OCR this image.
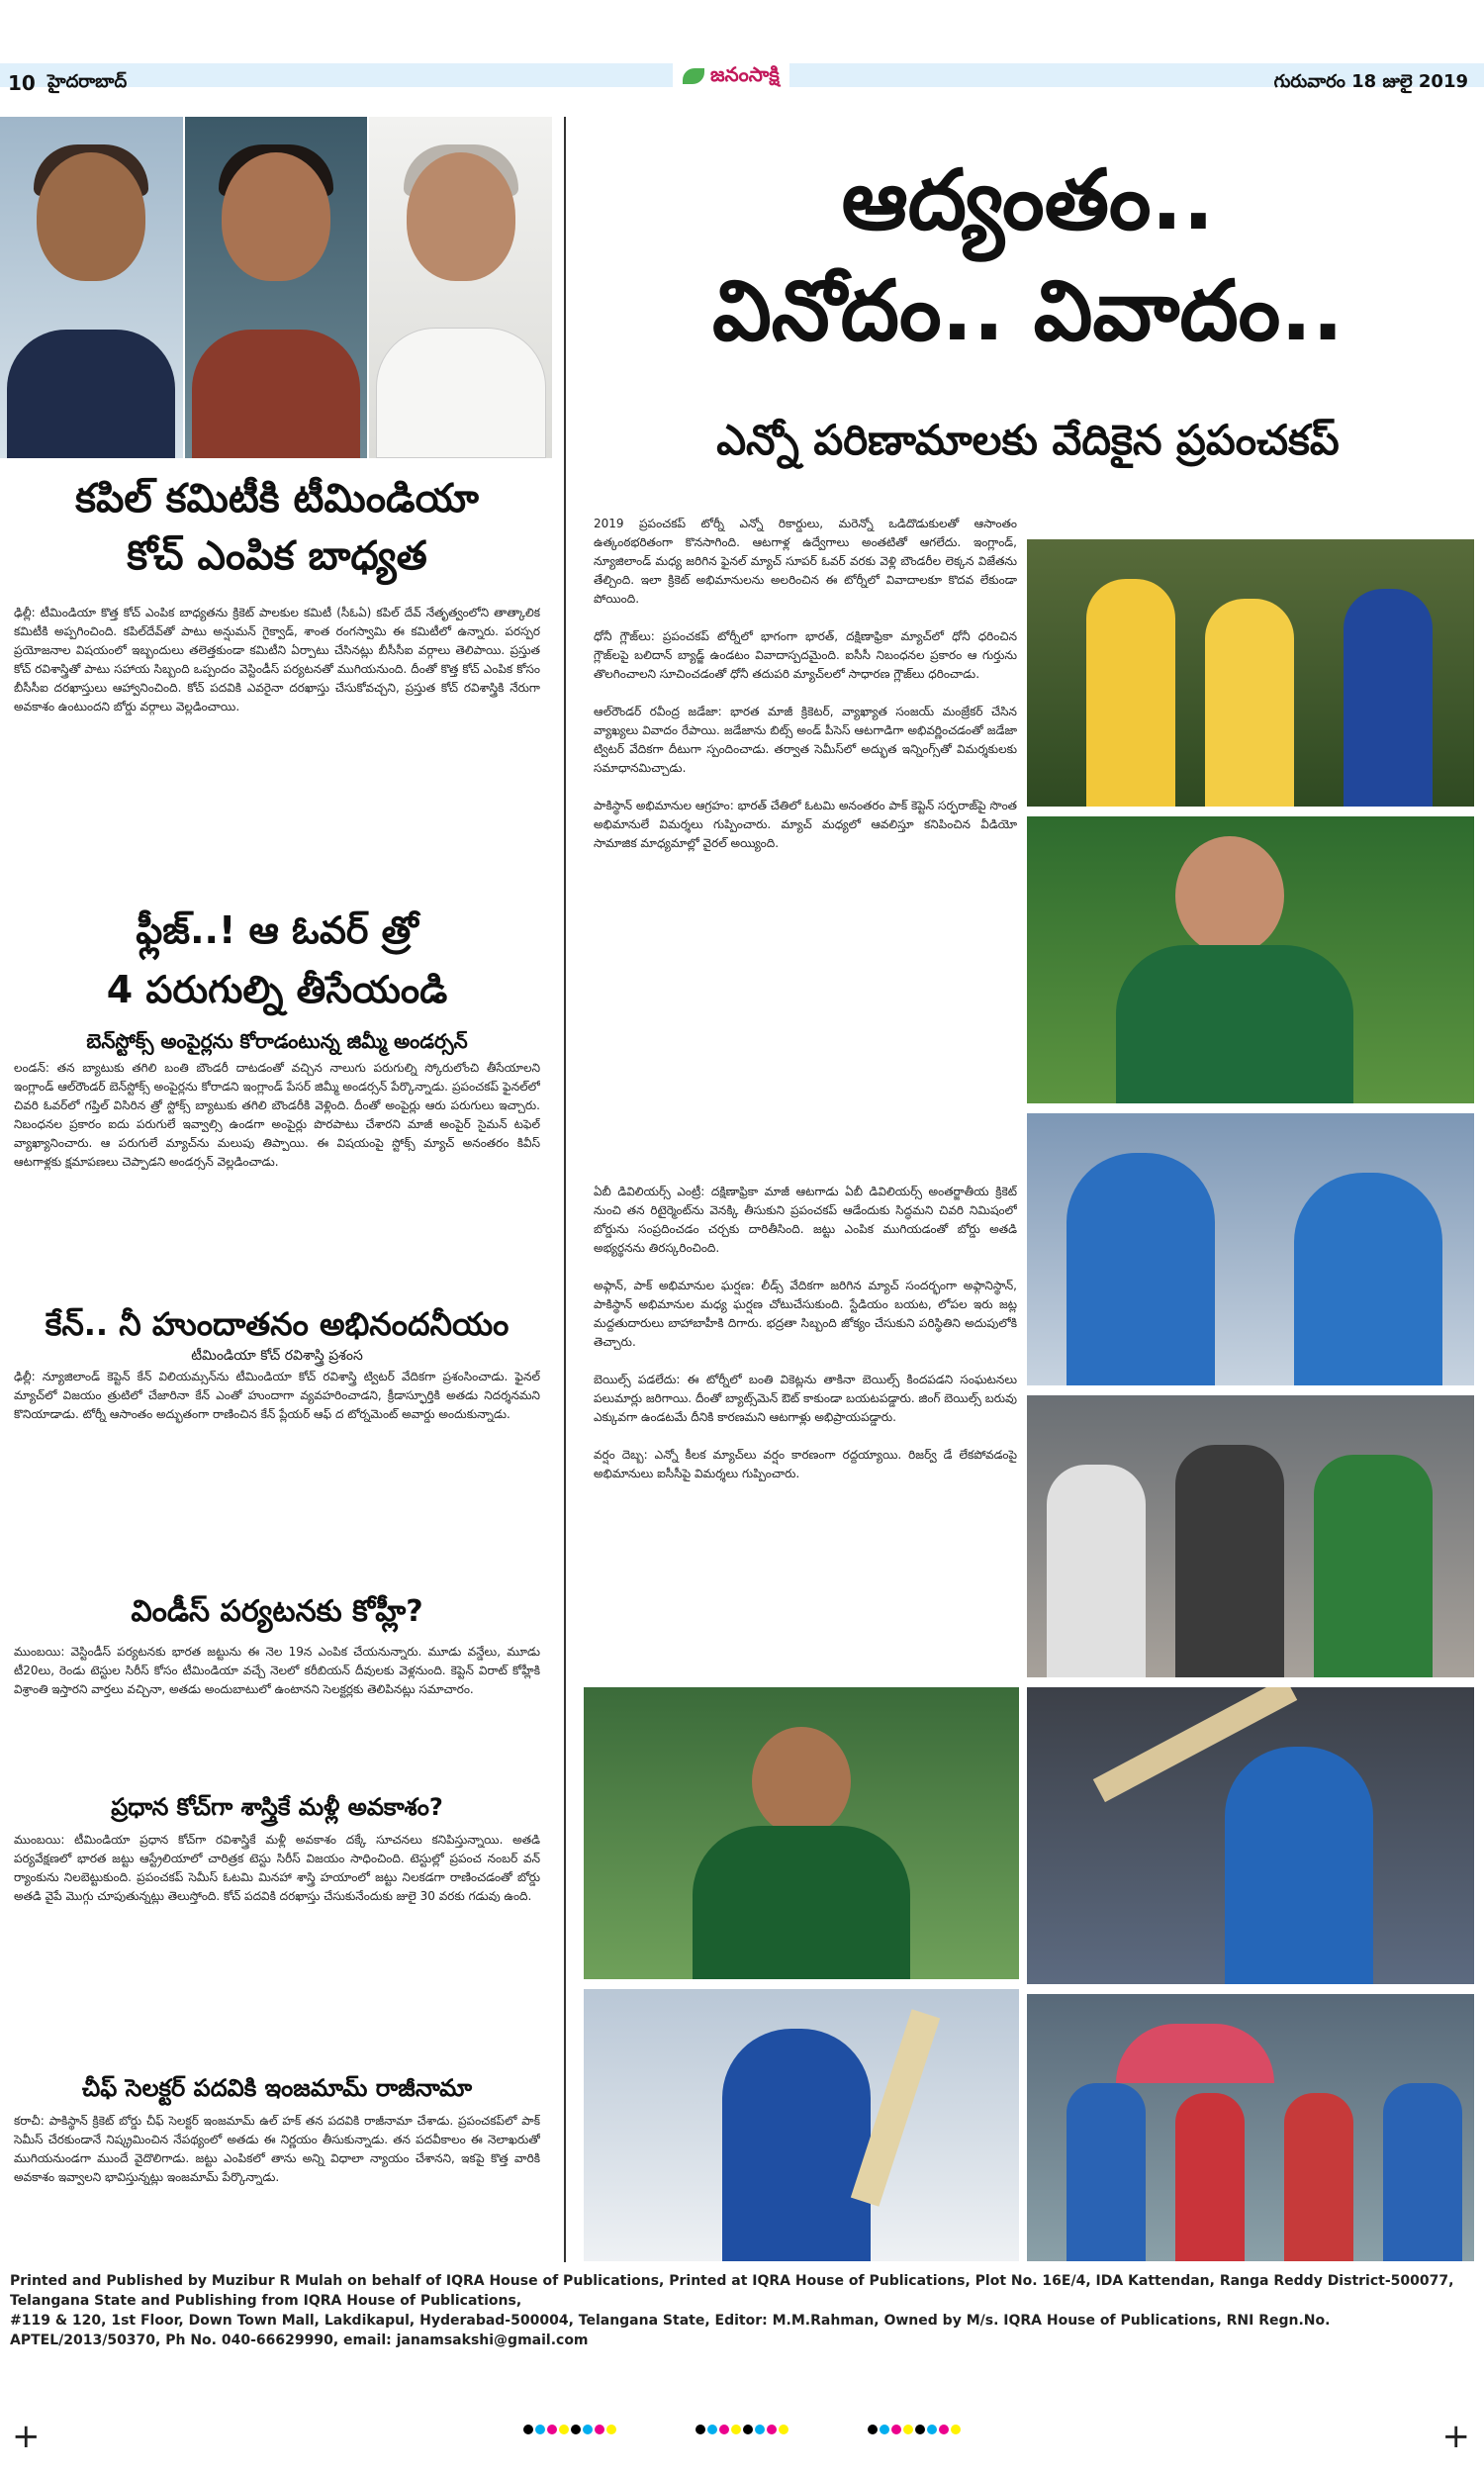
10 హైదరాబాద్	జనంసాక్షి	గురువారం 18 జులై 2019
కపిల్ కమిటీకి టీమిండియా
కోచ్ ఎంపిక బాధ్యత
ఢిల్లీ: టీమిండియా కొత్త కోచ్ ఎంపిక బాధ్యతను క్రికెట్ పాలకుల కమిటీ (సీఓఏ) కపిల్ దేవ్ నేతృత్వంలోని తాత్కాలిక కమిటీకి అప్పగించింది. కపిల్‌దేవ్‌తో పాటు అన్షుమన్ గైక్వాడ్, శాంత రంగస్వామి ఈ కమిటీలో ఉన్నారు. పరస్పర ప్రయోజనాల విషయంలో ఇబ్బందులు తలెత్తకుండా కమిటీని ఏర్పాటు చేసినట్లు బీసీసీఐ వర్గాలు తెలిపాయి. ప్రస్తుత కోచ్ రవిశాస్త్రితో పాటు సహాయ సిబ్బంది ఒప్పందం వెస్టిండీస్ పర్యటనతో ముగియనుంది. దీంతో కొత్త కోచ్ ఎంపిక కోసం బీసీసీఐ దరఖాస్తులు ఆహ్వానించింది. కోచ్ పదవికి ఎవరైనా దరఖాస్తు చేసుకోవచ్చని, ప్రస్తుత కోచ్ రవిశాస్త్రికి నేరుగా అవకాశం ఉంటుందని బోర్డు వర్గాలు వెల్లడించాయి.
ఫ్లీజ్..! ఆ ఓవర్ త్రో
4 పరుగుల్ని తీసేయండి
బెన్‌స్టోక్స్ అంపైర్లను కోరాడంటున్న జిమ్మీ అండర్సన్
లండన్: తన బ్యాటుకు తగిలి బంతి బౌండరీ దాటడంతో వచ్చిన నాలుగు పరుగుల్ని స్కోరులోంచి తీసేయాలని ఇంగ్లాండ్ ఆల్‌రౌండర్ బెన్‌స్టోక్స్ అంపైర్లను కోరాడని ఇంగ్లాండ్ పేసర్ జిమ్మీ అండర్సన్ పేర్కొన్నాడు. ప్రపంచకప్ ఫైనల్‌లో చివరి ఓవర్‌లో గప్తిల్ విసిరిన త్రో స్టోక్స్ బ్యాటుకు తగిలి బౌండరీకి వెళ్లింది. దీంతో అంపైర్లు ఆరు పరుగులు ఇచ్చారు. నిబంధనల ప్రకారం ఐదు పరుగులే ఇవ్వాల్సి ఉండగా అంపైర్లు పొరపాటు చేశారని మాజీ అంపైర్ సైమన్ టఫెల్ వ్యాఖ్యానించారు. ఆ పరుగులే మ్యాచ్‌ను మలుపు తిప్పాయి. ఈ విషయంపై స్టోక్స్ మ్యాచ్ అనంతరం కివీస్ ఆటగాళ్లకు క్షమాపణలు చెప్పాడని అండర్సన్ వెల్లడించాడు.
కేన్.. నీ హుందాతనం అభినందనీయం
టీమిండియా కోచ్ రవిశాస్త్రి ప్రశంస
ఢిల్లీ: న్యూజిలాండ్ కెప్టెన్ కేన్ విలియమ్సన్‌ను టీమిండియా కోచ్ రవిశాస్త్రి ట్విటర్ వేదికగా ప్రశంసించాడు. ఫైనల్ మ్యాచ్‌లో విజయం త్రుటిలో చేజారినా కేన్ ఎంతో హుందాగా వ్యవహరించాడని, క్రీడాస్ఫూర్తికి అతడు నిదర్శనమని కొనియాడాడు. టోర్నీ ఆసాంతం అద్భుతంగా రాణించిన కేన్ ప్లేయర్ ఆఫ్ ద టోర్నమెంట్ అవార్డు అందుకున్నాడు.
విండీస్ పర్యటనకు కోహ్లీ?
ముంబయి: వెస్టిండీస్ పర్యటనకు భారత జట్టును ఈ నెల 19న ఎంపిక చేయనున్నారు. మూడు వన్డేలు, మూడు టీ20లు, రెండు టెస్టుల సిరీస్ కోసం టీమిండియా వచ్చే నెలలో కరీబియన్ దీవులకు వెళ్లనుంది. కెప్టెన్ విరాట్ కోహ్లీకి విశ్రాంతి ఇస్తారని వార్తలు వచ్చినా, అతడు అందుబాటులో ఉంటానని సెలక్టర్లకు తెలిపినట్లు సమాచారం.
ప్రధాన కోచ్‌గా శాస్త్రికే మళ్లీ అవకాశం?
ముంబయి: టీమిండియా ప్రధాన కోచ్‌గా రవిశాస్త్రికే మళ్లీ అవకాశం దక్కే సూచనలు కనిపిస్తున్నాయి. అతడి పర్యవేక్షణలో భారత జట్టు ఆస్ట్రేలియాలో చారిత్రక టెస్టు సిరీస్ విజయం సాధించింది. టెస్టుల్లో ప్రపంచ నంబర్ వన్ ర్యాంకును నిలబెట్టుకుంది. ప్రపంచకప్ సెమీస్ ఓటమి మినహా శాస్త్రి హయాంలో జట్టు నిలకడగా రాణించడంతో బోర్డు అతడి వైపే మొగ్గు చూపుతున్నట్లు తెలుస్తోంది. కోచ్ పదవికి దరఖాస్తు చేసుకునేందుకు జులై 30 వరకు గడువు ఉంది.
చీఫ్ సెలక్టర్ పదవికి ఇంజమామ్ రాజీనామా
కరాచీ: పాకిస్థాన్ క్రికెట్ బోర్డు చీఫ్ సెలక్టర్ ఇంజమామ్ ఉల్ హక్ తన పదవికి రాజీనామా చేశాడు. ప్రపంచకప్‌లో పాక్ సెమీస్ చేరకుండానే నిష్క్రమించిన నేపథ్యంలో అతడు ఈ నిర్ణయం తీసుకున్నాడు. తన పదవీకాలం ఈ నెలాఖరుతో ముగియనుండగా ముందే వైదొలిగాడు. జట్టు ఎంపికలో తాను అన్ని విధాలా న్యాయం చేశానని, ఇకపై కొత్త వారికి అవకాశం ఇవ్వాలని భావిస్తున్నట్లు ఇంజమామ్ పేర్కొన్నాడు.
ఆద్యంతం..
వినోదం.. వివాదం..
ఎన్నో పరిణామాలకు వేదికైన ప్రపంచకప్
2019 ప్రపంచకప్ టోర్నీ ఎన్నో రికార్డులు, మరెన్నో ఒడిదొడుకులతో ఆసాంతం ఉత్కంఠభరితంగా కొనసాగింది. ఆటగాళ్ల ఉద్వేగాలు అంతటితో ఆగలేదు. ఇంగ్లాండ్, న్యూజిలాండ్ మధ్య జరిగిన ఫైనల్ మ్యాచ్ సూపర్ ఓవర్ వరకు వెళ్లి బౌండరీల లెక్కన విజేతను తేల్చింది. ఇలా క్రికెట్ అభిమానులను అలరించిన ఈ టోర్నీలో వివాదాలకూ కొదవ లేకుండా పోయింది.

ధోనీ గ్లౌజ్‌లు: ప్రపంచకప్ టోర్నీలో భాగంగా భారత్, దక్షిణాఫ్రికా మ్యాచ్‌లో ధోనీ ధరించిన గ్లౌజ్‌లపై బలిదాన్ బ్యాడ్జ్ ఉండటం వివాదాస్పదమైంది. ఐసీసీ నిబంధనల ప్రకారం ఆ గుర్తును తొలగించాలని సూచించడంతో ధోనీ తదుపరి మ్యాచ్‌లలో సాధారణ గ్లౌజ్‌లు ధరించాడు.

ఆల్‌రౌండర్ రవీంద్ర జడేజా: భారత మాజీ క్రికెటర్, వ్యాఖ్యాత సంజయ్ మంజ్రేకర్ చేసిన వ్యాఖ్యలు వివాదం రేపాయి. జడేజాను బిట్స్ అండ్ పీసెస్ ఆటగాడిగా అభివర్ణించడంతో జడేజా ట్విటర్ వేదికగా దీటుగా స్పందించాడు. తర్వాత సెమీస్‌లో అద్భుత ఇన్నింగ్స్‌తో విమర్శకులకు సమాధానమిచ్చాడు.

పాకిస్థాన్ అభిమానుల ఆగ్రహం: భారత్ చేతిలో ఓటమి అనంతరం పాక్ కెప్టెన్ సర్ఫరాజ్‌పై సొంత అభిమానులే విమర్శలు గుప్పించారు. మ్యాచ్‌ మధ్యలో ఆవలిస్తూ కనిపించిన వీడియో సామాజిక మాధ్యమాల్లో వైరల్ అయ్యింది.
ఏబీ డివిలియర్స్ ఎంట్రీ: దక్షిణాఫ్రికా మాజీ ఆటగాడు ఏబీ డివిలియర్స్ అంతర్జాతీయ క్రికెట్ నుంచి తన రిటైర్మెంట్‌ను వెనక్కి తీసుకుని ప్రపంచకప్ ఆడేందుకు సిద్ధమని చివరి నిమిషంలో బోర్డును సంప్రదించడం చర్చకు దారితీసింది. జట్టు ఎంపిక ముగియడంతో బోర్డు అతడి అభ్యర్థనను తిరస్కరించింది.

అఫ్గాన్, పాక్ అభిమానుల ఘర్షణ: లీడ్స్ వేదికగా జరిగిన మ్యాచ్ సందర్భంగా అఫ్గానిస్థాన్, పాకిస్థాన్ అభిమానుల మధ్య ఘర్షణ చోటుచేసుకుంది. స్టేడియం బయట, లోపల ఇరు జట్ల మద్దతుదారులు బాహాబాహీకి దిగారు. భద్రతా సిబ్బంది జోక్యం చేసుకుని పరిస్థితిని అదుపులోకి తెచ్చారు.

బెయిల్స్ పడలేదు: ఈ టోర్నీలో బంతి వికెట్లను తాకినా బెయిల్స్ కిందపడని సంఘటనలు పలుమార్లు జరిగాయి. దీంతో బ్యాట్స్‌మెన్ ఔట్ కాకుండా బయటపడ్డారు. జింగ్ బెయిల్స్ బరువు ఎక్కువగా ఉండటమే దీనికి కారణమని ఆటగాళ్లు అభిప్రాయపడ్డారు.

వర్షం దెబ్బ: ఎన్నో కీలక మ్యాచ్‌లు వర్షం కారణంగా రద్దయ్యాయి. రిజర్వ్ డే లేకపోవడంపై అభిమానులు ఐసీసీపై విమర్శలు గుప్పించారు.
Printed and Published by Muzibur R Mulah on behalf of IQRA House of Publications, Printed at IQRA House of Publications, Plot No. 16E/4, IDA Kattendan, Ranga Reddy District-500077, Telangana State and Publishing from IQRA House of Publications,
#119 & 120, 1st Floor, Down Town Mall, Lakdikapul, Hyderabad-500004, Telangana State, Editor: M.M.Rahman, Owned by M/s. IQRA House of Publications, RNI Regn.No. APTEL/2013/50370, Ph No. 040-66629990, email: janamsakshi@gmail.com
+	+
